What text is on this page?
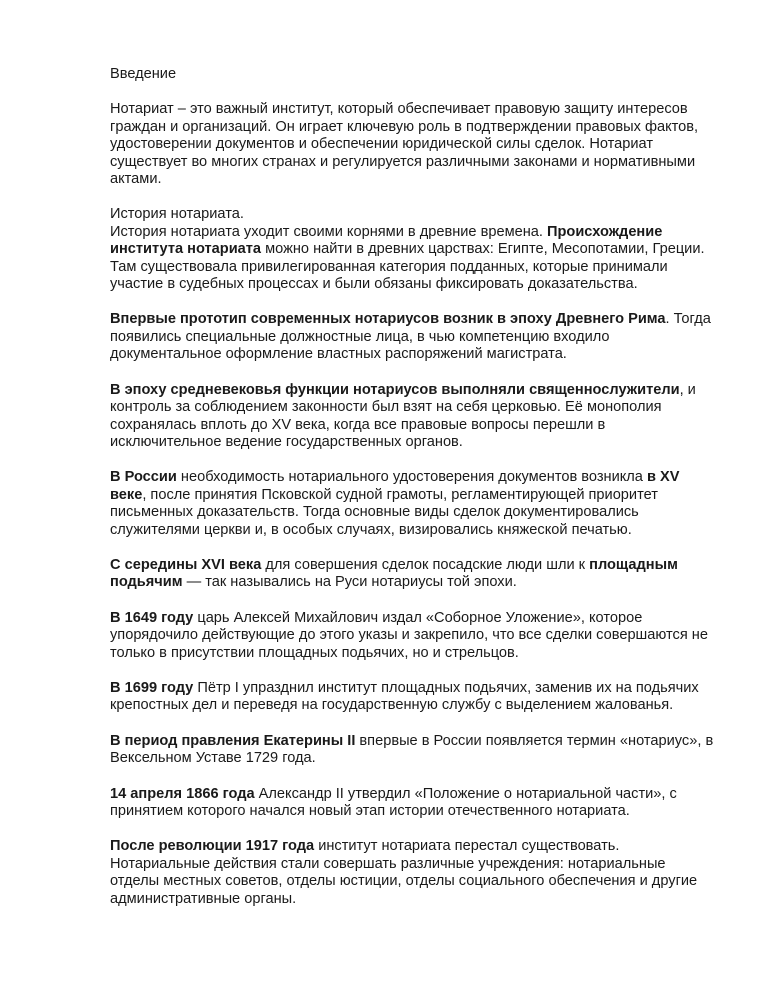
Введение

Нотариат – это важный институт, который обеспечивает правовую защиту интересов граждан и организаций. Он играет ключевую роль в подтверждении правовых фактов, удостоверении документов и обеспечении юридической силы сделок. Нотариат существует во многих странах и регулируется различными законами и нормативными актами.

История нотариата.

История нотариата уходит своими корнями в древние времена. Происхождение института нотариата можно найти в древних царствах: Египте, Месопотамии, Греции. Там существовала привилегированная категория подданных, которые принимали участие в судебных процессах и были обязаны фиксировать доказательства.

Впервые прототип современных нотариусов возник в эпоху Древнего Рима. Тогда появились специальные должностные лица, в чью компетенцию входило документальное оформление властных распоряжений магистрата.

В эпоху средневековья функции нотариусов выполняли священнослужители, и контроль за соблюдением законности был взят на себя церковью. Её монополия сохранялась вплоть до XV века, когда все правовые вопросы перешли в исключительное ведение государственных органов.

В России необходимость нотариального удостоверения документов возникла в XV веке, после принятия Псковской судной грамоты, регламентирующей приоритет письменных доказательств. Тогда основные виды сделок документировались служителями церкви и, в особых случаях, визировались княжеской печатью.

С середины XVI века для совершения сделок посадские люди шли к площадным подьячим — так назывались на Руси нотариусы той эпохи.

В 1649 году царь Алексей Михайлович издал «Соборное Уложение», которое упорядочило действующие до этого указы и закрепило, что все сделки совершаются не только в присутствии площадных подьячих, но и стрельцов.

В 1699 году Пётр I упразднил институт площадных подьячих, заменив их на подьячих крепостных дел и переведя на государственную службу с выделением жалованья.

В период правления Екатерины II впервые в России появляется термин «нотариус», в Вексельном Уставе 1729 года.

14 апреля 1866 года Александр II утвердил «Положение о нотариальной части», с принятием которого начался новый этап истории отечественного нотариата.

После революции 1917 года институт нотариата перестал существовать. Нотариальные действия стали совершать различные учреждения: нотариальные отделы местных советов, отделы юстиции, отделы социального обеспечения и другие административные органы.
